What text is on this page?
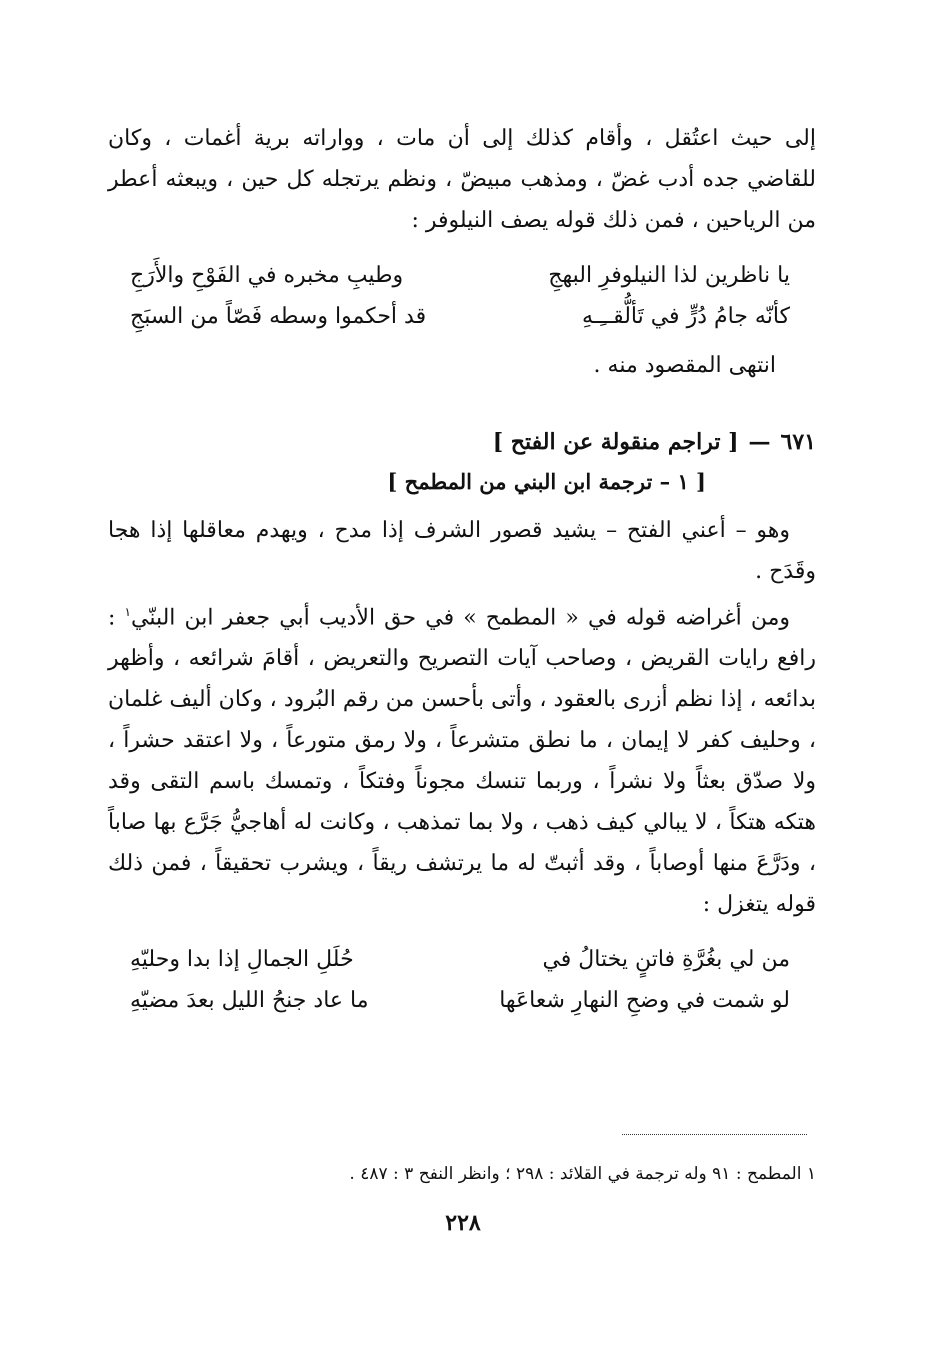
إلى حيث اعتُقل ، وأقام كذلك إلى أن مات ، وواراته برية أغمات ، وكان للقاضي جده أدب غضّ ، ومذهب مبيضّ ، ونظم يرتجله كل حين ، ويبعثه أعطر من الرياحين ، فمن ذلك قوله يصف النيلوفر :

يا ناظرين لذا النيلوفرِ البهجِ
وطيبِ مخبره في الفَوْحِ والأَرَجِ
كأنّه جامُ دُرٍّ في تَألُّقــِـهِ
قد أحكموا وسطه فَصّاً من السبَجِ

انتهى المقصود منه .

٦٧١—[ تراجم منقولة عن الفتح ]
[ ١ – ترجمة ابن البني من المطمح ]

وهو – أعني الفتح – يشيد قصور الشرف إذا مدح ، ويهدم معاقلها إذا هجا وقَدَح .

ومن أغراضه قوله في « المطمح » في حق الأديب أبي جعفر ابن البنّي$^١$ : رافع رايات القريض ، وصاحب آيات التصريح والتعريض ، أقامَ شرائعه ، وأظهر بدائعه ، إذا نظم أزرى بالعقود ، وأتى بأحسن من رقم البُرود ، وكان أليف غلمان ، وحليف كفر لا إيمان ، ما نطق متشرعاً ، ولا رمق متورعاً ، ولا اعتقد حشراً ، ولا صدّق بعثاً ولا نشراً ، وربما تنسك مجوناً وفتكاً ، وتمسك باسم التقى وقد هتكه هتكاً ، لا يبالي كيف ذهب ، ولا بما تمذهب ، وكانت له أهاجيُّ جَرَّع بها صاباً ، ودَرَّعَ منها أوصاباً ، وقد أثبتّ له ما يرتشف ريقاً ، ويشرب تحقيقاً ، فمن ذلك قوله يتغزل :

من لي بغُرَّةِ فاتنٍ يختالُ في
حُلَلِ الجمالِ إذا بدا وحليّهِ
لو شمت في وضحِ النهارِ شعاعَها
ما عاد جنحُ الليل بعدَ مضيّهِ
١ المطمح : ٩١ وله ترجمة في القلائد : ٢٩٨ ؛ وانظر النفح ٣ : ٤٨٧ .
٢٢٨
